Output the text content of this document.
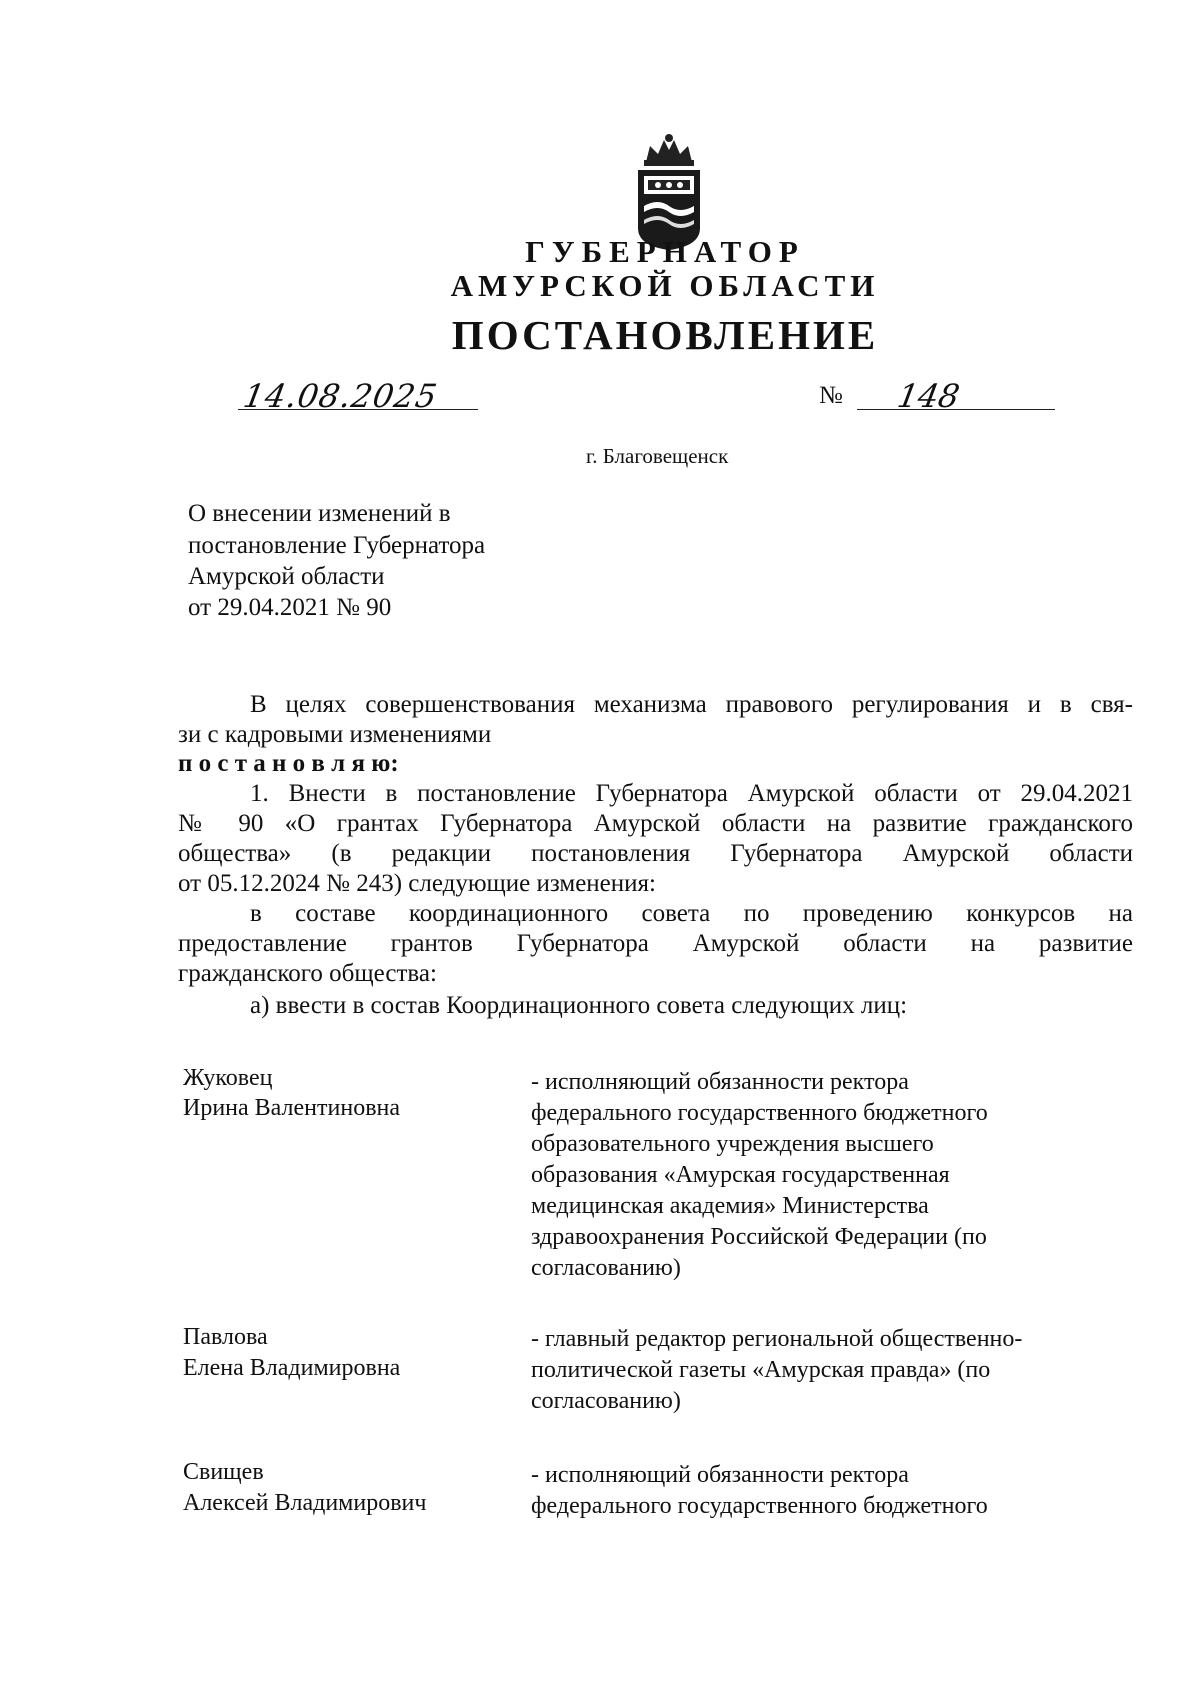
ГУБЕРНАТОР
АМУРСКОЙ ОБЛАСТИ
ПОСТАНОВЛЕНИЕ
14.08.2025	№ 148
г. Благовещенск
О внесении изменений в
постановление Губернатора
Амурской области
от 29.04.2021 № 90
В целях совершенствования механизма правового регулирования и в свя-
зи с кадровыми изменениями
п о с т а н о в л я ю:
1. Внести в постановление Губернатора Амурской области от 29.04.2021
№ 90 «О грантах Губернатора Амурской области на развитие гражданского
общества» (в редакции постановления Губернатора Амурской области
от 05.12.2024 № 243) следующие изменения:
в составе координационного совета по проведению конкурсов на
предоставление грантов Губернатора Амурской области на развитие
гражданского общества:
а) ввести в состав Координационного совета следующих лиц:
Жуковец
Ирина Валентиновна
- исполняющий обязанности ректора
федерального государственного бюджетного
образовательного учреждения высшего
образования «Амурская государственная
медицинская академия» Министерства
здравоохранения Российской Федерации (по
согласованию)
Павлова
Елена Владимировна
- главный редактор региональной общественно-
политической газеты «Амурская правда» (по
согласованию)
Свищев
Алексей Владимирович
- исполняющий обязанности ректора
федерального государственного бюджетного
